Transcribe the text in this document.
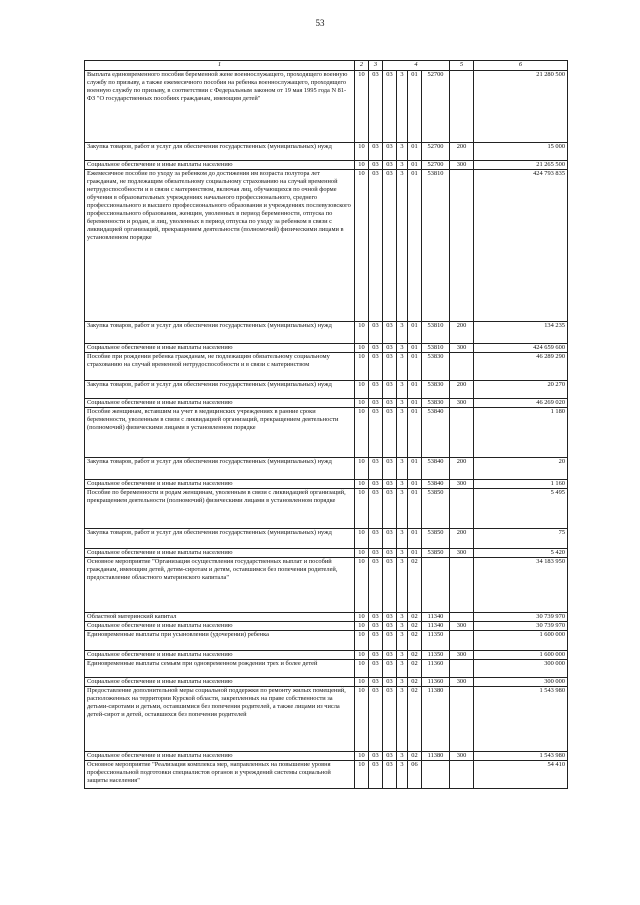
53
1	2	3	4				5	6
Выплата единовременного пособия беременной жене военнослужащего, проходящего военную службу по призыву, а также ежемесячного пособия на ребенка военнослужащего, проходящего военную службу по призыву, в соответствии с Федеральным законом от 19 мая 1995 года N 81-ФЗ "О государственных пособиях гражданам, имеющим детей"	10	03	03	3	01	52700		21 280 500
Закупка товаров, работ и услуг для обеспечения государственных (муниципальных) нужд	10	03	03	3	01	52700	200	15 000
Социальное обеспечение и иные выплаты населению	10	03	03	3	01	52700	300	21 265 500
Ежемесячное пособие по уходу за ребенком до достижения им возраста полутора лет гражданам, не подлежащим обязательному социальному страхованию на случай временной нетрудоспособности и в связи с материнством, включая лиц, обучающихся по очной форме обучения в образовательных учреждениях начального профессионального, среднего профессионального и высшего профессионального образования и учреждениях послевузовского профессионального образования, женщин, уволенных в период беременности, отпуска по беременности и родам, и лиц, уволенных в период отпуска по уходу за ребенком в связи с ликвидацией организаций, прекращением деятельности (полномочий) физическими лицами в установленном порядке	10	03	03	3	01	53810		424 793 835
Закупка товаров, работ и услуг для обеспечения государственных (муниципальных) нужд	10	03	03	3	01	53810	200	134 235
Социальное обеспечение и иные выплаты населению	10	03	03	3	01	53810	300	424 659 600
Пособие при рождении ребенка гражданам, не подлежащим обязательному социальному страхованию на случай временной нетрудоспособности и в связи с материнством	10	03	03	3	01	53830		46 289 290
Закупка товаров, работ и услуг для обеспечения государственных (муниципальных) нужд	10	03	03	3	01	53830	200	20 270
Социальное обеспечение и иные выплаты населению	10	03	03	3	01	53830	300	46 269 020
Пособие женщинам, вставшим на учет в медицинских учреждениях в ранние сроки беременности, уволенным в связи с ликвидацией организаций, прекращением деятельности (полномочий) физическими лицами в установленном порядке	10	03	03	3	01	53840		1 180
Закупка товаров, работ и услуг для обеспечения государственных (муниципальных) нужд	10	03	03	3	01	53840	200	20
Социальное обеспечение и иные выплаты населению	10	03	03	3	01	53840	300	1 160
Пособие по беременности и родам женщинам, уволенным в связи с ликвидацией организаций, прекращением деятельности (полномочий) физическими лицами в установленном порядке	10	03	03	3	01	53850		5 495
Закупка товаров, работ и услуг для обеспечения государственных (муниципальных) нужд	10	03	03	3	01	53850	200	75
Социальное обеспечение и иные выплаты населению	10	03	03	3	01	53850	300	5 420
Основное мероприятие "Организация осуществления государственных выплат и пособий гражданам, имеющим детей, детям-сиротам и детям, оставшимся без попечения родителей, предоставление областного материнского капитала"	10	03	03	3	02			34 183 950
Областной материнский капитал	10	03	03	3	02	11340		30 739 970
Социальное обеспечение и иные выплаты населению	10	03	03	3	02	11340	300	30 739 970
Единовременные выплаты при усыновлении (удочерении) ребенка	10	03	03	3	02	11350		1 600 000
Социальное обеспечение и иные выплаты населению	10	03	03	3	02	11350	300	1 600 000
Единовременные выплаты семьям при одновременном рождении трех и более детей	10	03	03	3	02	11360		300 000
Социальное обеспечение и иные выплаты населению	10	03	03	3	02	11360	300	300 000
Предоставление дополнительной меры социальной поддержки по ремонту жилых помещений, расположенных на территории Курской области, закрепленных на праве собственности за детьми-сиротами и детьми, оставшимися без попечения родителей, а также лицами из числа детей-сирот и детей, оставшихся без попечения родителей	10	03	03	3	02	11380		1 543 980
Социальное обеспечение и иные выплаты населению	10	03	03	3	02	11380	300	1 543 980
Основное мероприятие "Реализация комплекса мер, направленных на повышение уровня профессиональной подготовки специалистов органов и учреждений системы социальной защиты населения"	10	03	03	3	06			54 410
